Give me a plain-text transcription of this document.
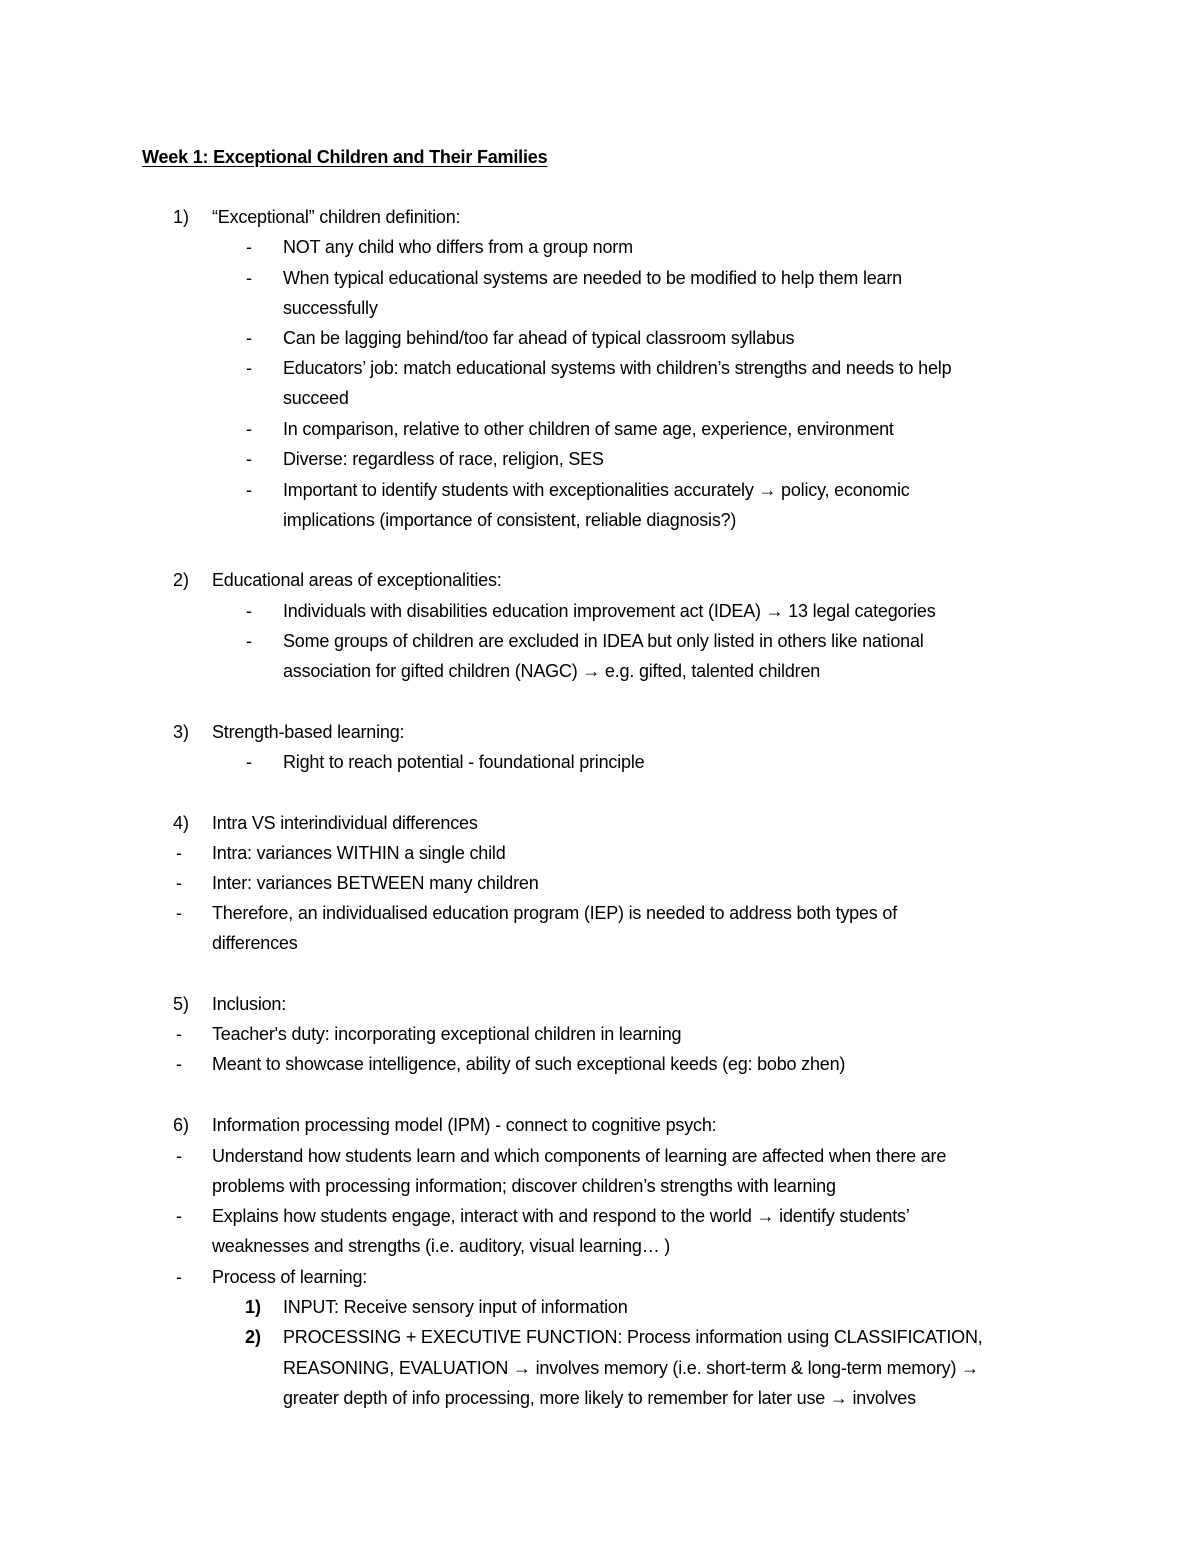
Week 1: Exceptional Children and Their Families
1) “Exceptional” children definition:
- NOT any child who differs from a group norm
- When typical educational systems are needed to be modified to help them learn
successfully
- Can be lagging behind/too far ahead of typical classroom syllabus
- Educators’ job: match educational systems with children’s strengths and needs to help
succeed
- In comparison, relative to other children of same age, experience, environment
- Diverse: regardless of race, religion, SES
- Important to identify students with exceptionalities accurately → policy, economic
implications (importance of consistent, reliable diagnosis?)
2) Educational areas of exceptionalities:
- Individuals with disabilities education improvement act (IDEA) → 13 legal categories
- Some groups of children are excluded in IDEA but only listed in others like national
association for gifted children (NAGC) → e.g. gifted, talented children
3) Strength-based learning:
- Right to reach potential - foundational principle
4) Intra VS interindividual differences
- Intra: variances WITHIN a single child
- Inter: variances BETWEEN many children
- Therefore, an individualised education program (IEP) is needed to address both types of
differences
5) Inclusion:
- Teacher's duty: incorporating exceptional children in learning
- Meant to showcase intelligence, ability of such exceptional keeds (eg: bobo zhen)
6) Information processing model (IPM) - connect to cognitive psych:
- Understand how students learn and which components of learning are affected when there are
problems with processing information; discover children’s strengths with learning
- Explains how students engage, interact with and respond to the world → identify students’
weaknesses and strengths (i.e. auditory, visual learning… )
- Process of learning:
1) INPUT: Receive sensory input of information
2) PROCESSING + EXECUTIVE FUNCTION: Process information using CLASSIFICATION,
REASONING, EVALUATION → involves memory (i.e. short-term & long-term memory) →
greater depth of info processing, more likely to remember for later use → involves
